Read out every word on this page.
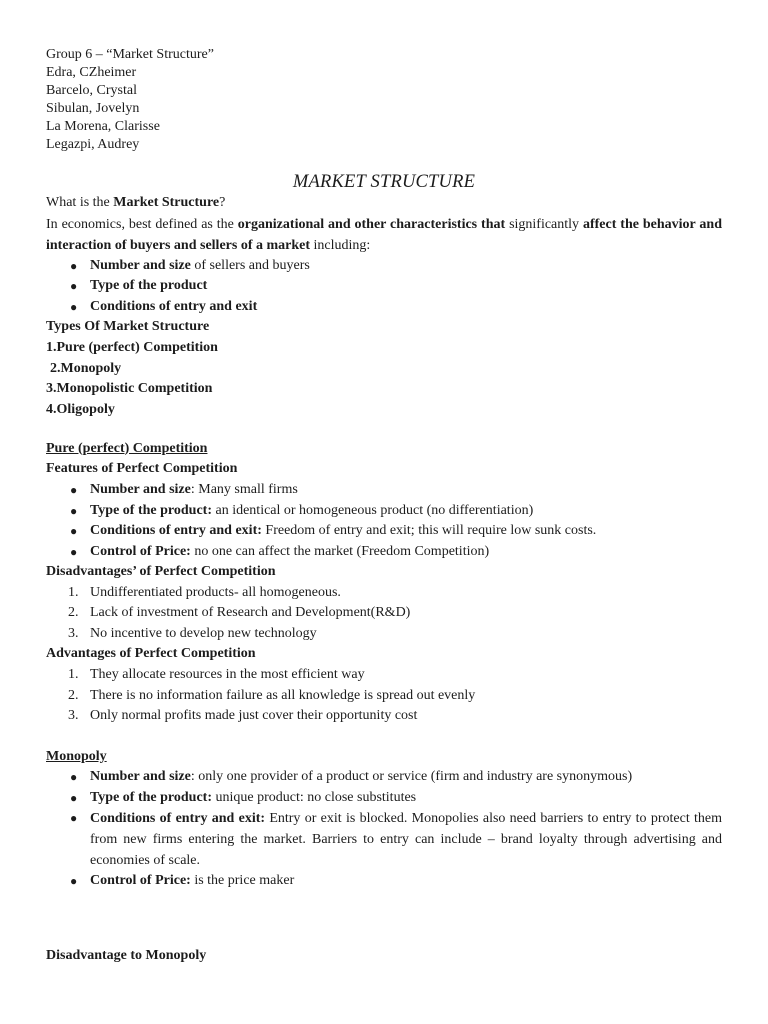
Group 6 – “Market Structure”
Edra, CZheimer
Barcelo, Crystal
Sibulan, Jovelyn
La Morena, Clarisse
Legazpi, Audrey
MARKET STRUCTURE
What is the Market Structure?
In economics, best defined as the organizational and other characteristics that significantly affect the behavior and interaction of buyers and sellers of a market including:
● Number and size of sellers and buyers
● Type of the product
● Conditions of entry and exit
Types Of Market Structure
1.Pure (perfect) Competition
2.Monopoly
3.Monopolistic Competition
4.Oligopoly
Pure (perfect) Competition
Features of Perfect Competition
● Number and size: Many small firms
● Type of the product: an identical or homogeneous product (no differentiation)
● Conditions of entry and exit: Freedom of entry and exit; this will require low sunk costs.
● Control of Price: no one can affect the market (Freedom Competition)
Disadvantages’ of Perfect Competition
1. Undifferentiated products- all homogeneous.
2. Lack of investment of Research and Development(R&D)
3. No incentive to develop new technology
Advantages of Perfect Competition
1. They allocate resources in the most efficient way
2. There is no information failure as all knowledge is spread out evenly
3. Only normal profits made just cover their opportunity cost
Monopoly
● Number and size: only one provider of a product or service (firm and industry are synonymous)
● Type of the product: unique product: no close substitutes
● Conditions of entry and exit: Entry or exit is blocked. Monopolies also need barriers to entry to protect them from new firms entering the market. Barriers to entry can include – brand loyalty through advertising and economies of scale.
● Control of Price: is the price maker
Disadvantage to Monopoly
